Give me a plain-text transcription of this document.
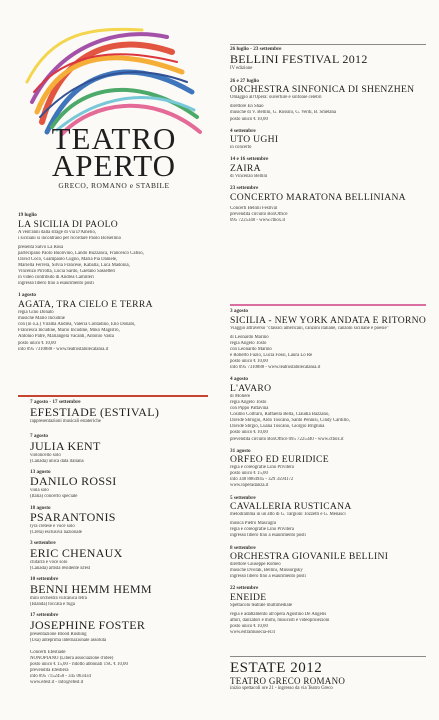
TEATRO
APERTO
GRECO, ROMANO e STABILE
19 luglio
LA SICILIA DI PAOLO
A vent'anni dalla strage di via D'Amelio,
i siciliani si incontrano per ricordare Paolo Borsellino
presenta Salvo La Rosa
partecipano Paolo Buonvino, Lando Buzzanca, Francesco Cafiso,
David Coco, Giampaolo Cugno, Maria Pia Daniele,
Mariella Ferrera, Silvia Francese, Kaballa, Luca Madonia,
Vincenzo Pirrotta, Lucia Sardo, Gaetano Sassetteri
in video contributo di Andrea Camilleri
ingresso libero fino a esaurimento posti
1 agosto
AGATA, TRA CIELO E TERRA
regia Gino Donato
musiche Mario Incudine
con (in o.a.) Viralba Andrea, Valeria Contadino, Elio Donato,
Francesca Incudine, Mario Incudine, Miko Magistro,
Antonio Patrè, Mariangela Vacanti, Antonio Vasta
posto unico € 10,00
info 095 7310888 - www.teatrostabilecatania.it
7 agosto - 17 settembre
EFESTIADE (ESTIVAL)
rappresentazioni musicali estateriche
7 agosto
JULIA KENT
violoncello solo
(Canada) unica data italiana
13 agosto
DANILO ROSSI
viola solo
(Italia) concerto speciale
18 agosto
PSARANTONIS
lyra cretese e voce solo
(Creta) esclusiva nazionale
3 settembre
ERIC CHENAUX
chitarra e voce solo
(Canada) artista residente Efest
10 settembre
BENNI HEMM HEMM
mini orchestra vulcanica tetra
(Islanda) toccata e fuga
17 settembre
JOSEPHINE FOSTER
presentazione Blood Rushing
(Usa) anteprima internazionale assoluta
Concerti Efestiadé
NONOPIANO (Libera associazione d'idee)
posto unico € 15,00 - ridotto abbonati TSC € 10,00
prevendita Efestiera
info 095 7152450 - 345 063434
www.efest.it - info@efest.it
26 luglio - 23 settembre
BELLINI FESTIVAL 2012
IV edizione
26 e 27 luglio
ORCHESTRA SINFONICA DI SHENZHEN
Omaggio all'Opera: ouverture e sinfonie celebri
direttore En Shao
musiche di V. Bellini, G. Rossini, G. Verdi, B. Smetana
posto unico € 10,00
4 settembre
UTO UGHI
in concerto
14 e 16 settembre
ZAIRA
di Vincenzo Bellini
23 settembre
CONCERTO MARATONA BELLINIANA
Concerti Bellini Festival
prevendita circuito BoxOffice
095 7225340 - www.ctbox.it
3 agosto
SICILIA - NEW YORK ANDATA E RITORNO
Viaggio attraverso "classici americani, canzoni italiane, canzoni siciliane e poesie"
di Leonardo Marino
regia Angelo Tosto
con Leonardo Marino
e Roberto Fuzio, Lucia Fossi, Laura Lo Re
posto unico € 10,00
info 095 7310888 - www.teatrostabilecatania.it
4 agosto
L'AVARO
di Molière
regia Angelo Tosto
con Pippo Pattavina
Cosimo Coltraro, Raffaella Bella, Claudia Bazzano,
Davide Sbrogiò, Aldo Toscano, Santo Pennisi, Cindy Cardillo,
Davide Sbrgiò, Luana Toscano, Giorgio Brighina
posto unico € 10,00
prevendita circuito BoxOffice 095 7225340 - www.ctbox.it
31 agosto
ORFEO ED EURIDICE
regia e coreografie Lino Privitera
posto unico € 15,00
info 348 8864945 - 329 3594172
www.loperadanza.it
5 settembre
CAVALLERIA RUSTICANA
melodramma in un atto di G. Targioni Tozzetti e G. Menasci
musica Pietro Mascagni
regia e coreografie Lino Privitera
ingresso libero fino a esaurimento posti
8 settembre
ORCHESTRA GIOVANILE BELLINI
direttore Giuseppe Romeo
musiche Dvorak, Bellini, Mussorgsky
ingresso libero fino a esaurimento posti
22 settembre
ENEIDE
Spettacolo teatrale multimediale
regia e adattamento all'opera Agostino De Angelis
attori, danzatori e mimi, musicisti e videoproiezioni
posto unico € 10,00
www.estramusecia-er.it
ESTATE 2012
TEATRO GRECO ROMANO
inizio spettacoli ore 21 - ingresso da via Teatro Greco
